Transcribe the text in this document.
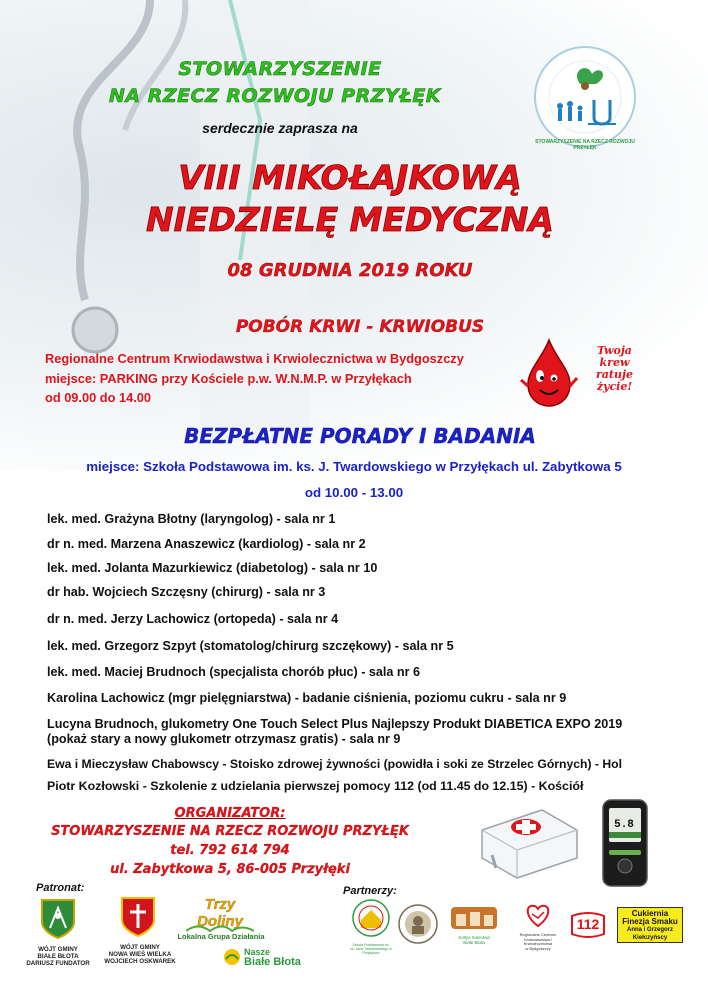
STOWARZYSZENIE
NA RZECZ ROZWOJU PRZYŁĘK
serdecznie zaprasza na
STOWARZYSZENIE NA RZECZ ROZWOJU PRZYŁĘK
VIII MIKOŁAJKOWĄ
NIEDZIELĘ MEDYCZNĄ
08 GRUDNIA 2019 ROKU
POBÓR KRWI - KRWIOBUS
Regionalne Centrum Krwiodawstwa i Krwiolecznictwa w Bydgoszczy
miejsce: PARKING przy Kościele p.w. W.N.M.P. w Przyłękach
od 09.00 do 14.00
Twoja
krew
ratuje
życie!
BEZPŁATNE PORADY I BADANIA
miejsce: Szkoła Podstawowa im. ks. J. Twardowskiego w Przyłękach ul. Zabytkowa 5
od 10.00 - 13.00
lek. med. Grażyna Błotny (laryngolog) - sala nr 1
dr n. med. Marzena Anaszewicz (kardiolog) - sala nr 2
lek. med. Jolanta Mazurkiewicz (diabetolog) - sala nr 10
dr hab. Wojciech Szczęsny (chirurg) - sala nr 3
dr n. med. Jerzy Lachowicz (ortopeda) - sala nr 4
lek. med. Grzegorz Szpyt (stomatolog/chirurg szczękowy) - sala nr 5
lek. med. Maciej Brudnoch (specjalista chorób płuc) - sala nr 6
Karolina Lachowicz (mgr pielęgniarstwa) - badanie ciśnienia, poziomu cukru - sala nr 9
Lucyna Brudnoch, glukometry One Touch Select Plus Najlepszy Produkt DIABETICA EXPO 2019
(pokaż stary a nowy glukometr otrzymasz gratis) - sala nr 9
Ewa i Mieczysław Chabowscy - Stoisko zdrowej żywności (powidła i soki ze Strzelec Górnych) - Hol
Piotr Kozłowski - Szkolenie z udzielania pierwszej pomocy 112 (od 11.45 do 12.15) - Kościół
ORGANIZATOR:
STOWARZYSZENIE NA RZECZ ROZWOJU PRZYŁĘK
tel. 792 614 794
ul. Zabytkowa 5, 86-005 Przyłęki
5.8
Patronat:	Partnerzy:
WÓJT GMINY
BIAŁE BŁOTA
DARIUSZ FUNDATOR
WÓJT GMINY
NOWA WIEŚ WIELKA
WOJCIECH OSKWAREK
Trzy Doliny
Lokalna Grupa Działania
Nasze
Białe Błota
Szkoła Podstawowa im. ks. Jana Twardowskiego w Przyłękach
Sołtys Sołectwa
Białe Błota
Regionalne Centrum
Krwiodawstwa i Krwiolecznictwa
w Bydgoszczy
112
Cukiernia
Finezja Smaku
Anna i Grzegorz
Kiełczyńscy
